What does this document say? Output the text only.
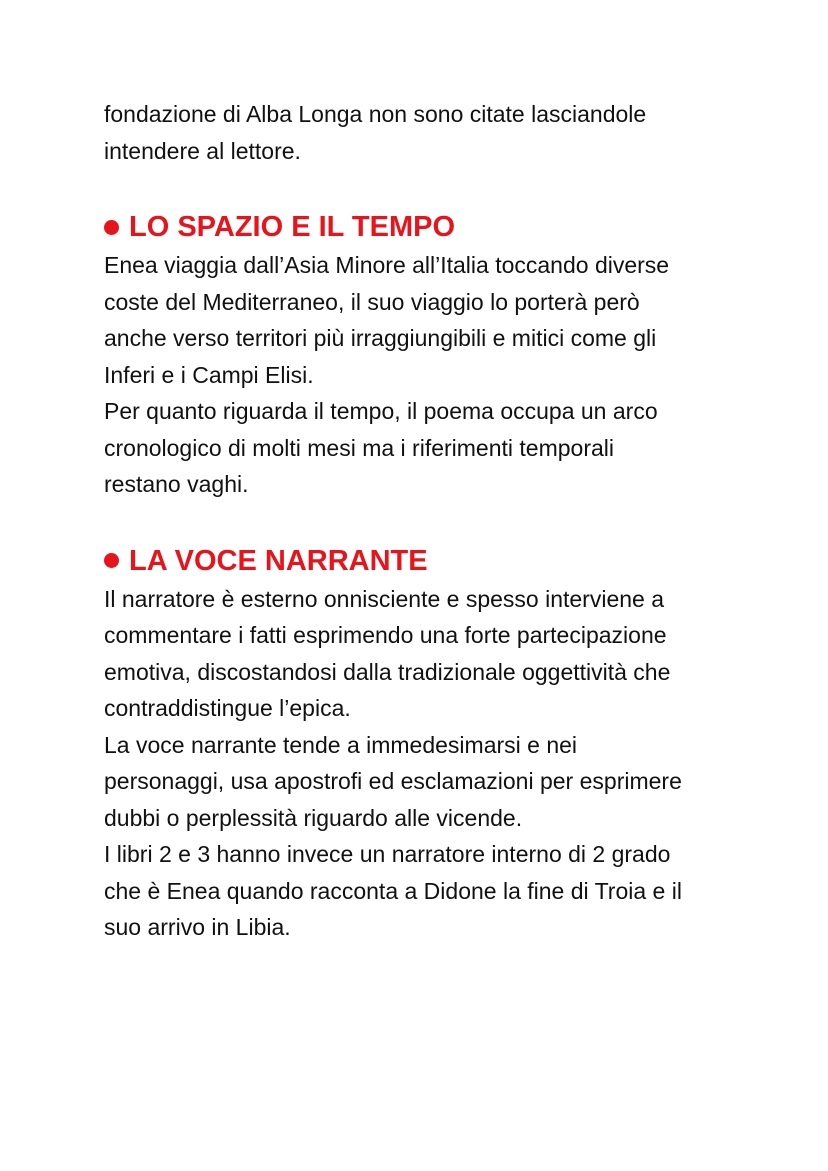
fondazione di Alba Longa non sono citate lasciandole

intendere al lettore.

LO SPAZIO E IL TEMPO

Enea viaggia dall’Asia Minore all’Italia toccando diverse

coste del Mediterraneo, il suo viaggio lo porterà però

anche verso territori più irraggiungibili e mitici come gli

Inferi e i Campi Elisi.

Per quanto riguarda il tempo, il poema occupa un arco

cronologico di molti mesi ma i riferimenti temporali

restano vaghi.

LA VOCE NARRANTE

Il narratore è esterno onnisciente e spesso interviene a

commentare i fatti esprimendo una forte partecipazione

emotiva, discostandosi dalla tradizionale oggettività che

contraddistingue l’epica.

La voce narrante tende a immedesimarsi e nei

personaggi, usa apostrofi ed esclamazioni per esprimere

dubbi o perplessità riguardo alle vicende.

I libri 2 e 3 hanno invece un narratore interno di 2 grado

che è Enea quando racconta a Didone la fine di Troia e il

suo arrivo in Libia.
